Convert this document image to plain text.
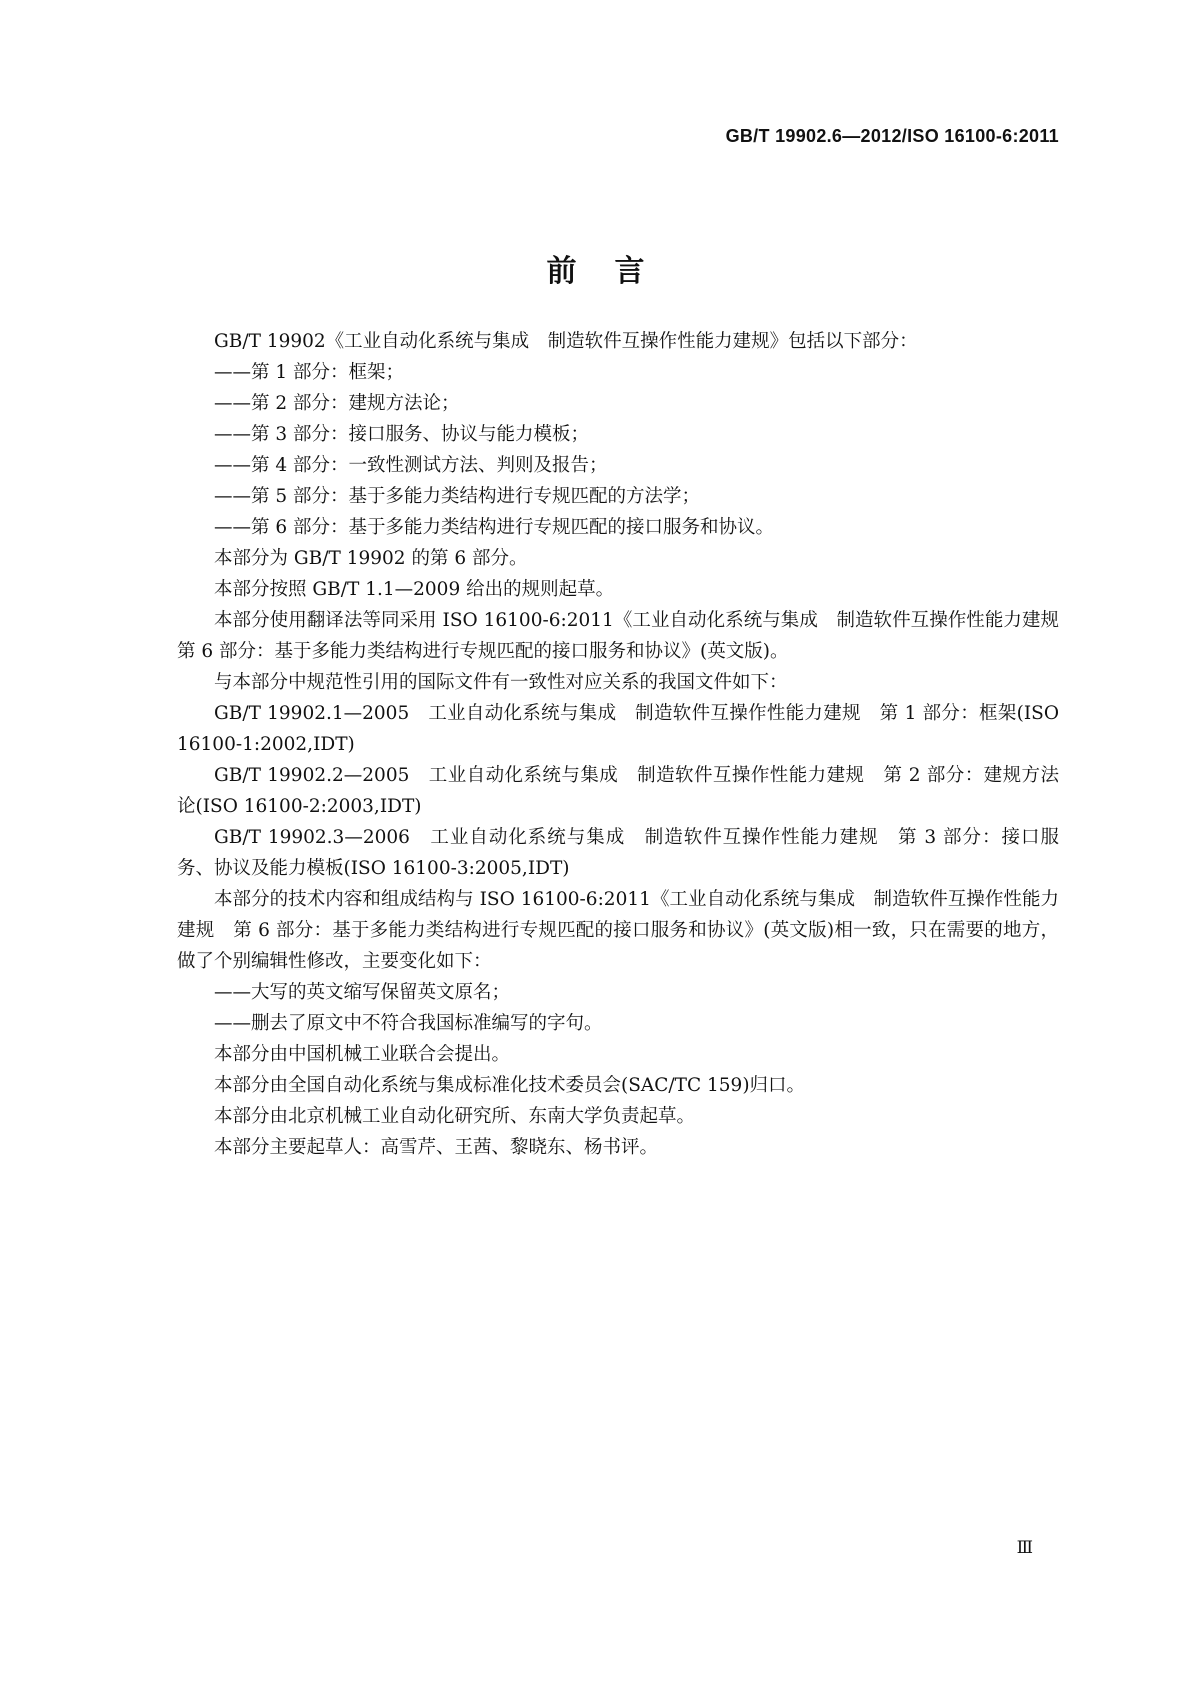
GB/T 19902.6—2012/ISO 16100-6:2011
前言

GB/T 19902《工业自动化系统与集成　制造软件互操作性能力建规》包括以下部分：

——第 1 部分：框架；

——第 2 部分：建规方法论；

——第 3 部分：接口服务、协议与能力模板；

——第 4 部分：一致性测试方法、判则及报告；

——第 5 部分：基于多能力类结构进行专规匹配的方法学；

——第 6 部分：基于多能力类结构进行专规匹配的接口服务和协议。

本部分为 GB/T 19902 的第 6 部分。

本部分按照 GB/T 1.1—2009 给出的规则起草。

本部分使用翻译法等同采用 ISO 16100-6:2011《工业自动化系统与集成　制造软件互操作性能力建规　第 6 部分：基于多能力类结构进行专规匹配的接口服务和协议》(英文版)。

与本部分中规范性引用的国际文件有一致性对应关系的我国文件如下：

GB/T 19902.1—2005　工业自动化系统与集成　制造软件互操作性能力建规　第 1 部分：框架(ISO 16100-1:2002,IDT)

GB/T 19902.2—2005　工业自动化系统与集成　制造软件互操作性能力建规　第 2 部分：建规方法论(ISO 16100-2:2003,IDT)

GB/T 19902.3—2006　工业自动化系统与集成　制造软件互操作性能力建规　第 3 部分：接口服务、协议及能力模板(ISO 16100-3:2005,IDT)

本部分的技术内容和组成结构与 ISO 16100-6:2011《工业自动化系统与集成　制造软件互操作性能力建规　第 6 部分：基于多能力类结构进行专规匹配的接口服务和协议》(英文版)相一致，只在需要的地方，做了个别编辑性修改，主要变化如下：

——大写的英文缩写保留英文原名；

——删去了原文中不符合我国标准编写的字句。

本部分由中国机械工业联合会提出。

本部分由全国自动化系统与集成标准化技术委员会(SAC/TC 159)归口。

本部分由北京机械工业自动化研究所、东南大学负责起草。

本部分主要起草人：高雪芹、王茜、黎晓东、杨书评。

Ⅲ
